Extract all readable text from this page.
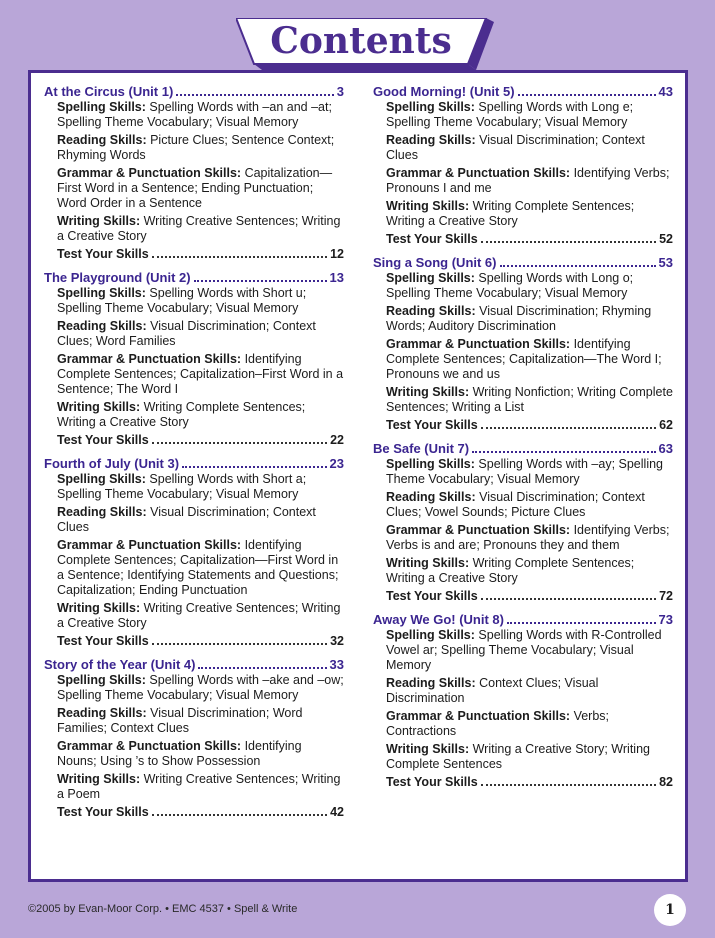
Contents
At the Circus (Unit 1)	3
Spelling Skills: Spelling Words with –an and –at; Spelling Theme Vocabulary; Visual Memory
Reading Skills: Picture Clues; Sentence Context; Rhyming Words
Grammar & Punctuation Skills: Capitalization—First Word in a Sentence; Ending Punctuation; Word Order in a Sentence
Writing Skills: Writing Creative Sentences; Writing a Creative Story
Test Your Skills	12
The Playground (Unit 2)	13
Spelling Skills: Spelling Words with Short u; Spelling Theme Vocabulary; Visual Memory
Reading Skills: Visual Discrimination; Context Clues; Word Families
Grammar & Punctuation Skills: Identifying Complete Sentences; Capitalization–First Word in a Sentence; The Word I
Writing Skills: Writing Complete Sentences; Writing a Creative Story
Test Your Skills	22
Fourth of July (Unit 3)	23
Spelling Skills: Spelling Words with Short a; Spelling Theme Vocabulary; Visual Memory
Reading Skills: Visual Discrimination; Context Clues
Grammar & Punctuation Skills: Identifying Complete Sentences; Capitalization—First Word in a Sentence; Identifying Statements and Questions; Capitalization; Ending Punctuation
Writing Skills: Writing Creative Sentences; Writing a Creative Story
Test Your Skills	32
Story of the Year (Unit 4)	33
Spelling Skills: Spelling Words with –ake and –ow; Spelling Theme Vocabulary; Visual Memory
Reading Skills: Visual Discrimination; Word Families; Context Clues
Grammar & Punctuation Skills: Identifying Nouns; Using ’s to Show Possession
Writing Skills: Writing Creative Sentences; Writing a Poem
Test Your Skills	42
Good Morning! (Unit 5)	43
Spelling Skills: Spelling Words with Long e; Spelling Theme Vocabulary; Visual Memory
Reading Skills: Visual Discrimination; Context Clues
Grammar & Punctuation Skills: Identifying Verbs; Pronouns I and me
Writing Skills: Writing Complete Sentences; Writing a Creative Story
Test Your Skills	52
Sing a Song (Unit 6)	53
Spelling Skills: Spelling Words with Long o; Spelling Theme Vocabulary; Visual Memory
Reading Skills: Visual Discrimination; Rhyming Words; Auditory Discrimination
Grammar & Punctuation Skills: Identifying Complete Sentences; Capitalization—The Word I; Pronouns we and us
Writing Skills: Writing Nonfiction; Writing Complete Sentences; Writing a List
Test Your Skills	62
Be Safe (Unit 7)	63
Spelling Skills: Spelling Words with –ay; Spelling Theme Vocabulary; Visual Memory
Reading Skills: Visual Discrimination; Context Clues; Vowel Sounds; Picture Clues
Grammar & Punctuation Skills: Identifying Verbs; Verbs is and are; Pronouns they and them
Writing Skills: Writing Complete Sentences; Writing a Creative Story
Test Your Skills	72
Away We Go! (Unit 8)	73
Spelling Skills: Spelling Words with R-Controlled Vowel ar; Spelling Theme Vocabulary; Visual Memory
Reading Skills: Context Clues; Visual Discrimination
Grammar & Punctuation Skills: Verbs; Contractions
Writing Skills: Writing a Creative Story; Writing Complete Sentences
Test Your Skills	82
©2005 by Evan-Moor Corp. • EMC 4537 • Spell & Write	1
